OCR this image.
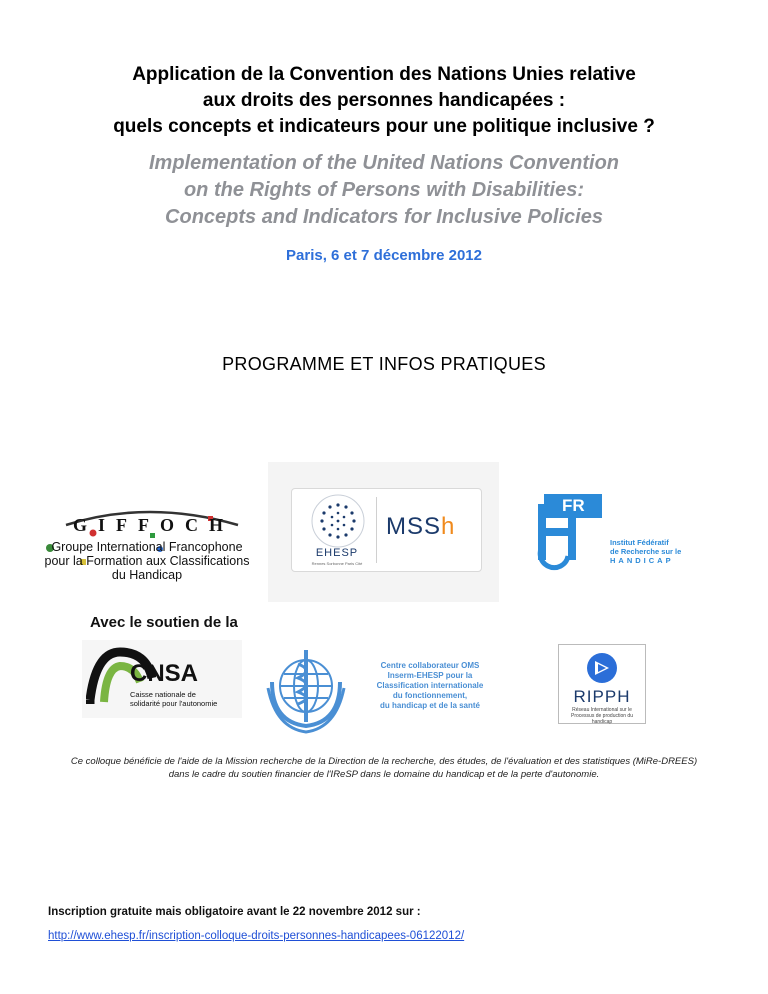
Application de la Convention des Nations Unies relative
aux droits des personnes handicapées :
quels concepts et indicateurs pour une politique inclusive ?
Implementation of the United Nations Convention
on the Rights of Persons with Disabilities:
Concepts and Indicators for Inclusive Policies
Paris, 6 et 7 décembre 2012
PROGRAMME ET INFOS PRATIQUES
GIFFOCH
Groupe International Francophone
pour la Formation aux Classifications
du Handicap
EHESP
Rennes Sorbonne Paris Cité
MSSh
FR
Institut Fédératif
de Recherche sur le
HANDICAP
Avec le soutien de la
CNSA
Caisse nationale de
solidarité pour l'autonomie
Centre collaborateur OMS
Inserm-EHESP pour la
Classification internationale
du fonctionnement,
du handicap et de la santé	RIPPH
Réseau International sur le
Processus de production du handicap
Ce colloque bénéficie de l'aide de la Mission recherche de la Direction de la recherche, des études, de l'évaluation et des statistiques (MiRe-DREES) dans le cadre du soutien financier de l'IReSP dans le domaine du handicap et de la perte d'autonomie.
Inscription gratuite mais obligatoire avant le 22 novembre 2012 sur :
http://www.ehesp.fr/inscription-colloque-droits-personnes-handicapees-06122012/
